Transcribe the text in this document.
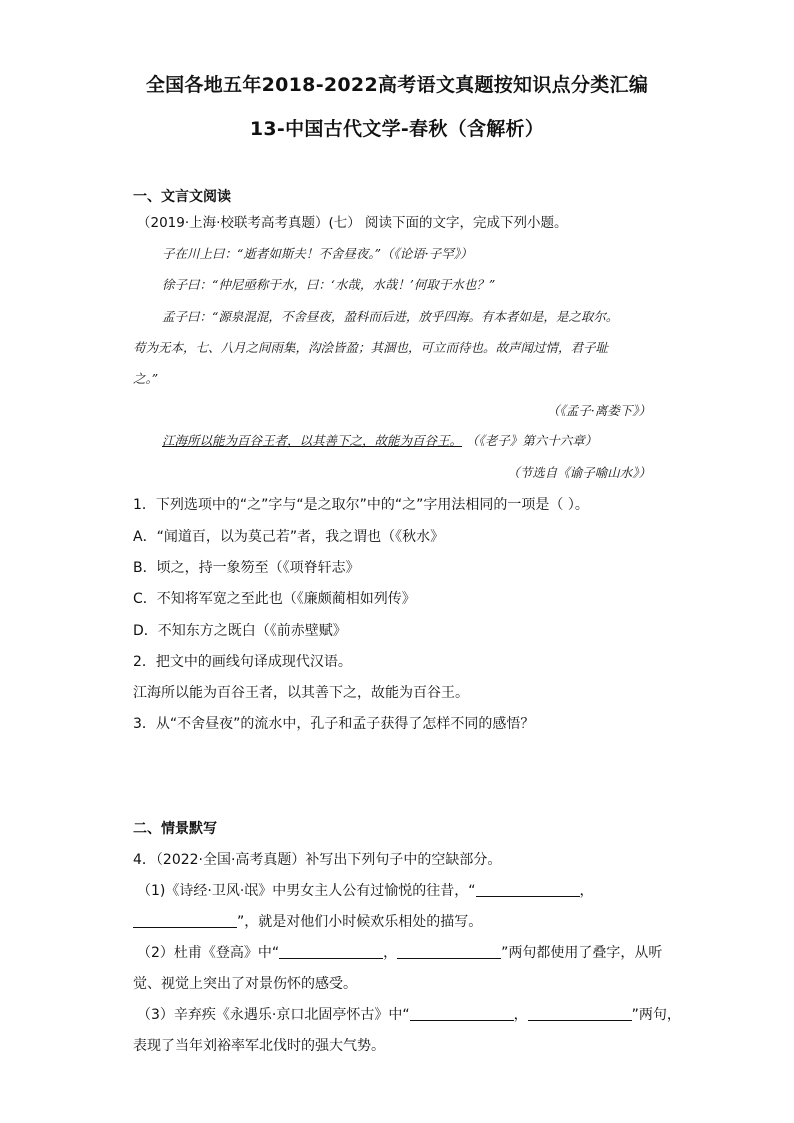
全国各地五年2018-2022高考语文真题按知识点分类汇编
13-中国古代文学-春秋（含解析）
一、文言文阅读
（2019·上海·校联考高考真题）(七） 阅读下面的文字，完成下列小题。
子在川上曰：“逝者如斯夫！不舍昼夜。”（《论语·子罕》）
徐子曰：“仲尼亟称于水，曰：‘水哉，水哉！’何取于水也？”
孟子曰：“源泉混混，不舍昼夜，盈科而后进，放乎四海。有本者如是，是之取尔。
苟为无本，七、八月之间雨集，沟浍皆盈；其涸也，可立而待也。故声闻过情，君子耻
之。”
（《孟子·离娄下》）
江海所以能为百谷王者，以其善下之，故能为百谷王。 （《老子》第六十六章）
（节选自《谕子喻山水》）
1．下列选项中的“之”字与“是之取尔”中的“之”字用法相同的一项是（ ）。
A．“闻道百，以为莫己若”者，我之谓也（《秋水》
B．顷之，持一象笏至（《项脊轩志》
C．不知将军宽之至此也（《廉颇蔺相如列传》
D．不知东方之既白（《前赤壁赋》
2．把文中的画线句译成现代汉语。
江海所以能为百谷王者，以其善下之，故能为百谷王。
3．从“不舍昼夜”的流水中，孔子和孟子获得了怎样不同的感悟？
二、情景默写
4．（2022·全国·高考真题）补写出下列句子中的空缺部分。
（1)《诗经·卫风·氓》中男女主人公有过愉悦的往昔，“	，
”，就是对他们小时候欢乐相处的描写。
（2）杜甫《登高》中“	，	”两句都使用了叠字，从听
觉、视觉上突出了对景伤怀的感受。
（3）辛弃疾《永遇乐·京口北固亭怀古》中“	，	”两句，
表现了当年刘裕率军北伐时的强大气势。
